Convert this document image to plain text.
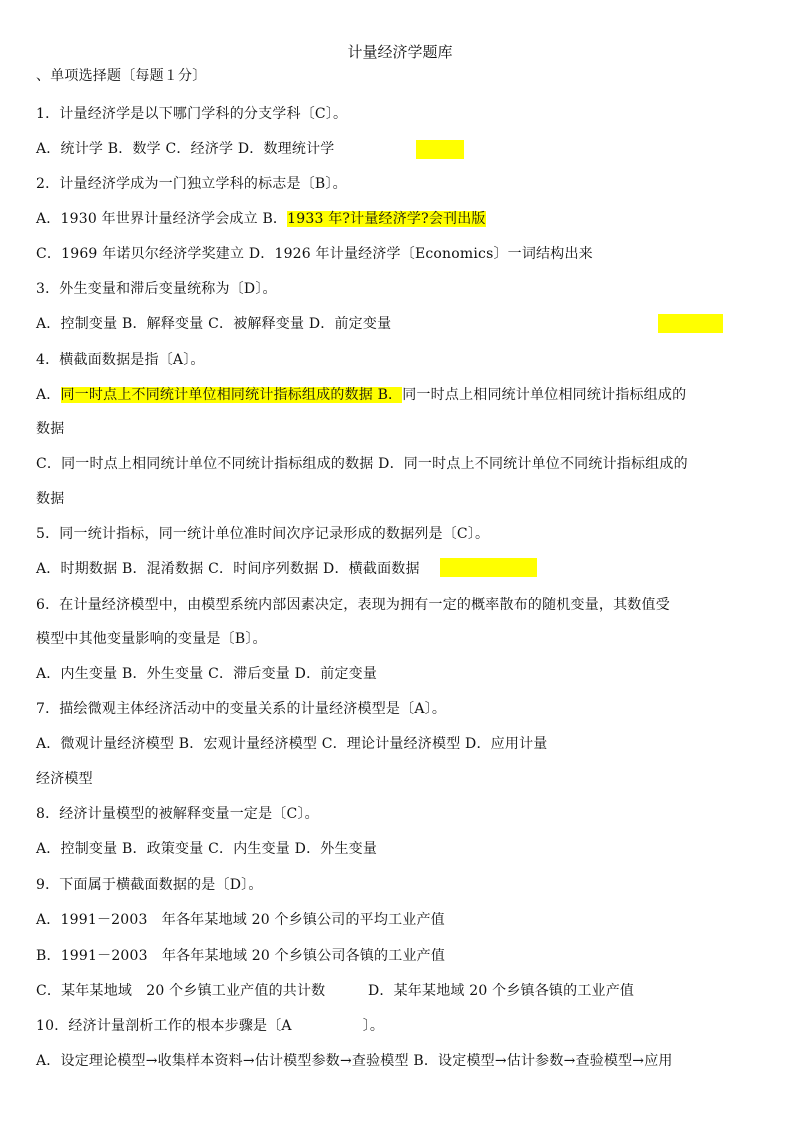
计量经济学题库
、单项选择题〔每题１分〕
1．计量经济学是以下哪门学科的分支学科〔C〕。
A．统计学 B．数学 C．经济学 D．数理统计学
2．计量经济学成为一门独立学科的标志是〔B〕。
A．1930 年世界计量经济学会成立 B．1933 年?计量经济学?会刊出版
C．1969 年诺贝尔经济学奖建立 D．1926 年计量经济学〔Economics〕一词结构出来
3．外生变量和滞后变量统称为〔D〕。
A．控制变量 B．解释变量 C．被解释变量 D．前定变量
4．横截面数据是指〔A〕。
A．同一时点上不同统计单位相同统计指标组成的数据 B．同一时点上相同统计单位相同统计指标组成的
数据
C．同一时点上相同统计单位不同统计指标组成的数据 D．同一时点上不同统计单位不同统计指标组成的
数据
5．同一统计指标，同一统计单位准时间次序记录形成的数据列是〔C〕。
A．时期数据 B．混淆数据 C．时间序列数据 D．横截面数据
6．在计量经济模型中，由模型系统内部因素决定，表现为拥有一定的概率散布的随机变量，其数值受
模型中其他变量影响的变量是〔B〕。
A．内生变量 B．外生变量 C．滞后变量 D．前定变量
7．描绘微观主体经济活动中的变量关系的计量经济模型是〔A〕。
A．微观计量经济模型 B．宏观计量经济模型 C．理论计量经济模型 D．应用计量
经济模型
8．经济计量模型的被解释变量一定是〔C〕。
A．控制变量 B．政策变量 C．内生变量 D．外生变量
9．下面属于横截面数据的是〔D〕。
A．1991－2003　年各年某地域 20 个乡镇公司的平均工业产值
B．1991－2003　年各年某地域 20 个乡镇公司各镇的工业产值
C．某年某地域　20 个乡镇工业产值的共计数　　　D．某年某地域 20 个乡镇各镇的工业产值
10．经济计量剖析工作的根本步骤是〔A　　　　　〕。
A．设定理论模型→收集样本资料→估计模型参数→查验模型 B．设定模型→估计参数→查验模型→应用
